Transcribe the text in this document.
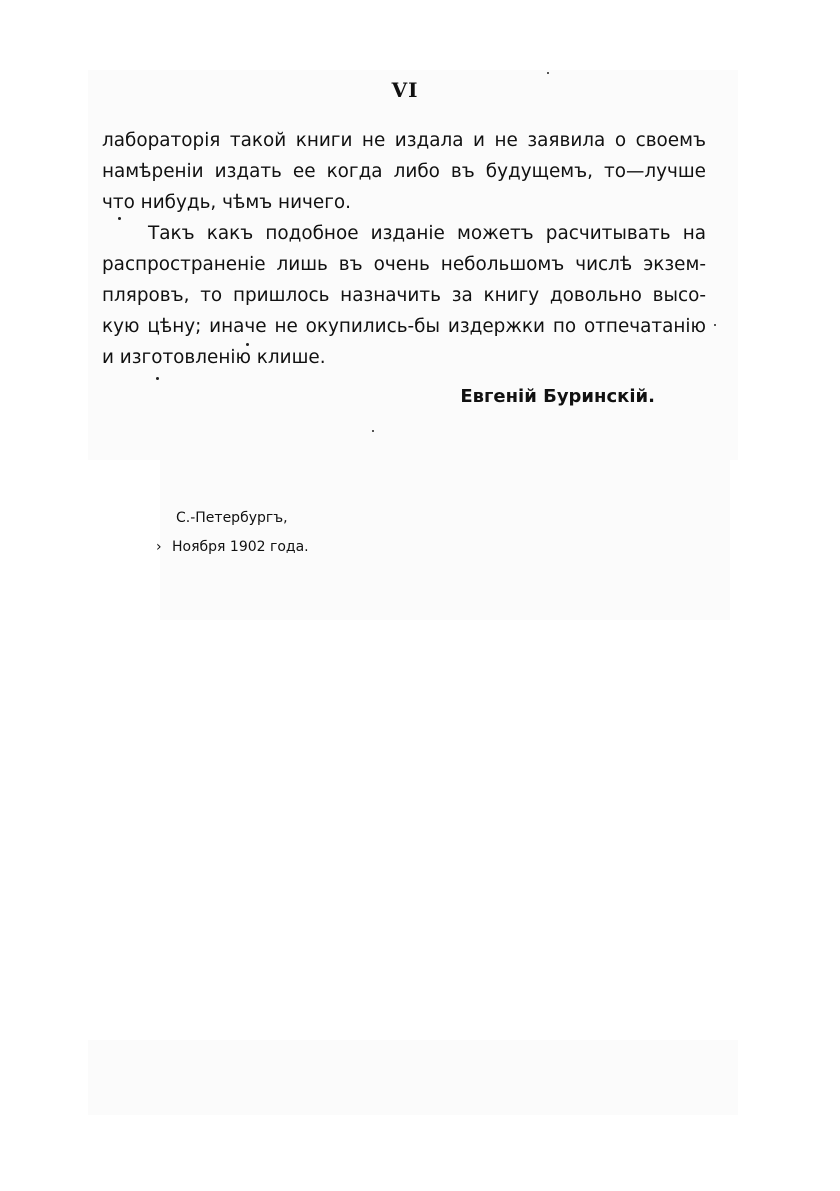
VI
лабораторія такой книги не издала и не заявила о своемъ
намѣреніи издать ее когда либо въ будущемъ, то—лучше
что нибудь, чѣмъ ничего.
Такъ какъ подобное изданіе можетъ расчитывать на
распространеніе лишь въ очень небольшомъ числѣ экзем-
пляровъ, то пришлось назначить за книгу довольно высо-
кую цѣну; иначе не окупились-бы издержки по отпечатанію
и изготовленію клише.
Евгеній Буринскій.
С.-Петербургъ,
› Ноября 1902 года.
